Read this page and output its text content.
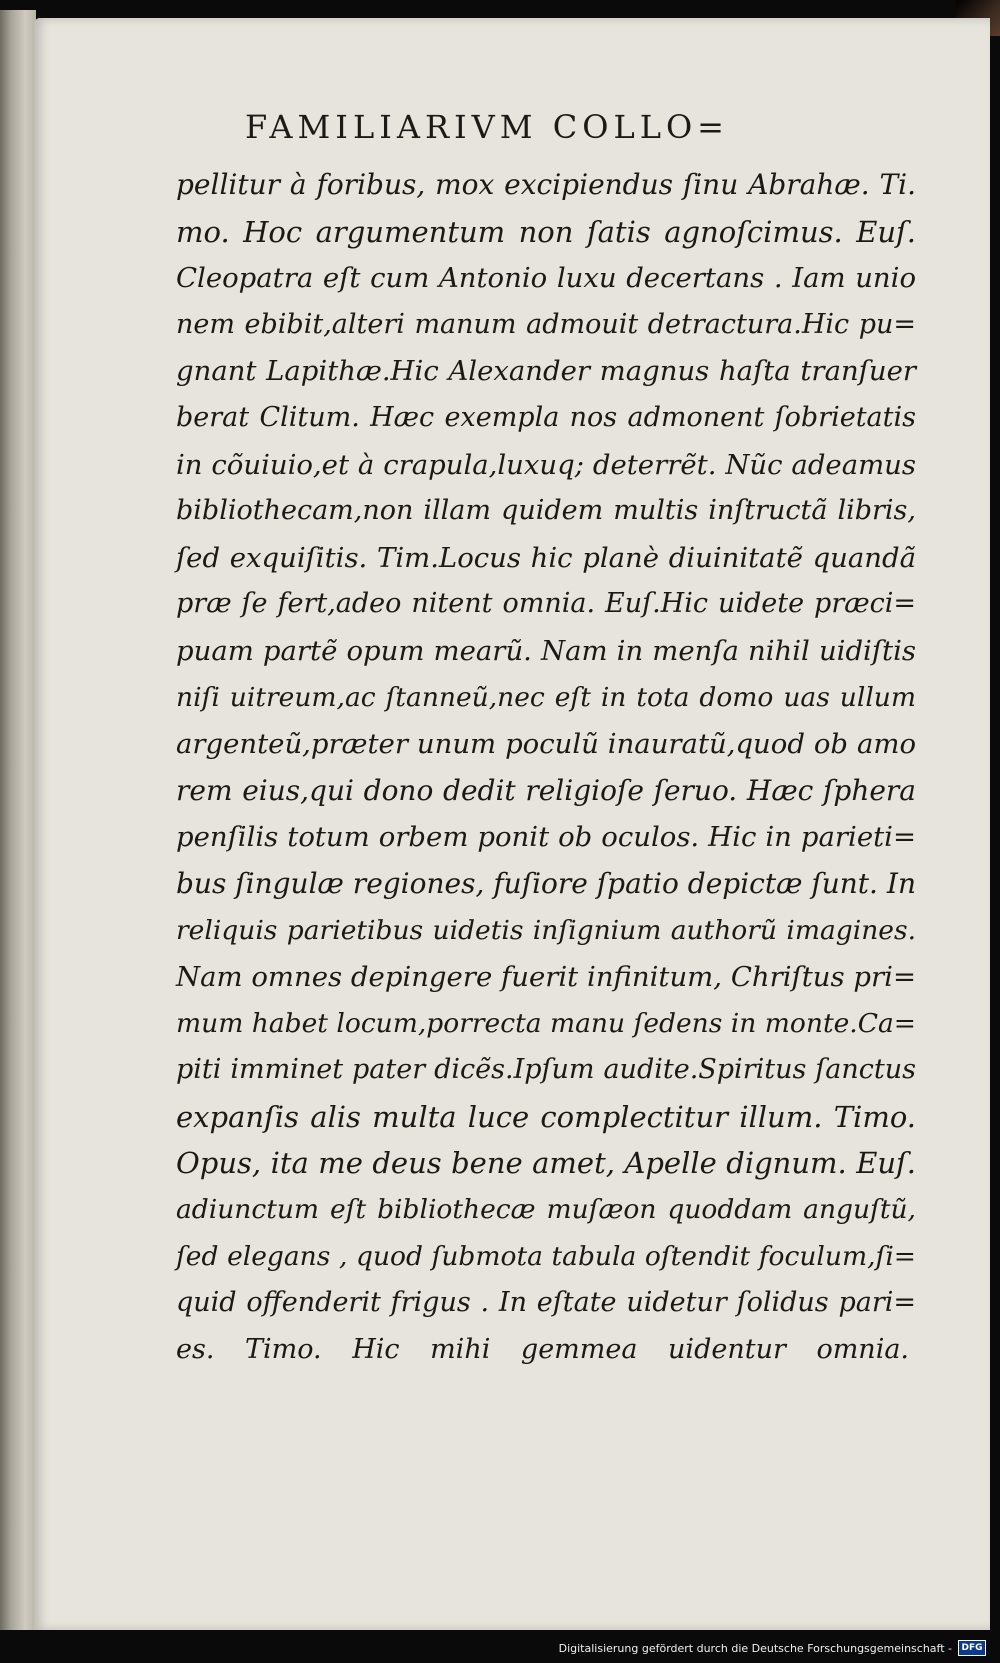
FAMILIARIVM COLLO=
pellitur à foribus, mox excipiendus ſinu Abrahæ. Ti.
mo. Hoc argumentum non ſatis agnoſcimus. Euſ.
Cleopatra eſt cum Antonio luxu decertans . Iam unio
nem ebibit,alteri manum admouit detractura.Hic pu=
gnant Lapithæ.Hic Alexander magnus haſta tranſuer
berat Clitum. Hæc exempla nos admonent ſobrietatis
in cõuiuio,et à crapula,luxuq; deterrẽt. Nũc adeamus
bibliothecam,non illam quidem multis inſtructã libris,
ſed exquiſitis. Tim.Locus hic planè diuinitatẽ quandã
præ ſe fert,adeo nitent omnia. Euſ.Hic uidete præci=
puam partẽ opum mearũ. Nam in menſa nihil uidiſtis
niſi uitreum,ac ſtanneũ,nec eſt in tota domo uas ullum
argenteũ,præter unum poculũ inauratũ,quod ob amo
rem eius,qui dono dedit religioſe ſeruo. Hæc ſphera
penſilis totum orbem ponit ob oculos. Hic in parieti=
bus ſingulæ regiones, fuſiore ſpatio depictæ ſunt. In
reliquis parietibus uidetis inſignium authorũ imagines.
Nam omnes depingere fuerit infinitum, Chriſtus pri=
mum habet locum,porrecta manu ſedens in monte.Ca=
piti imminet pater dicẽs.Ipſum audite.Spiritus ſanctus
expanſis alis multa luce complectitur illum. Timo.
Opus, ita me deus bene amet, Apelle dignum. Euſ.
adiunctum eſt bibliothecæ muſæon quoddam anguſtũ,
ſed elegans , quod ſubmota tabula oſtendit foculum,ſi=
quid offenderit frigus . In eſtate uidetur ſolidus pari=
es. Timo. Hic mihi gemmea uidentur omnia.
Digitalisierung gefördert durch die Deutsche Forschungsgemeinschaft -	DFG
